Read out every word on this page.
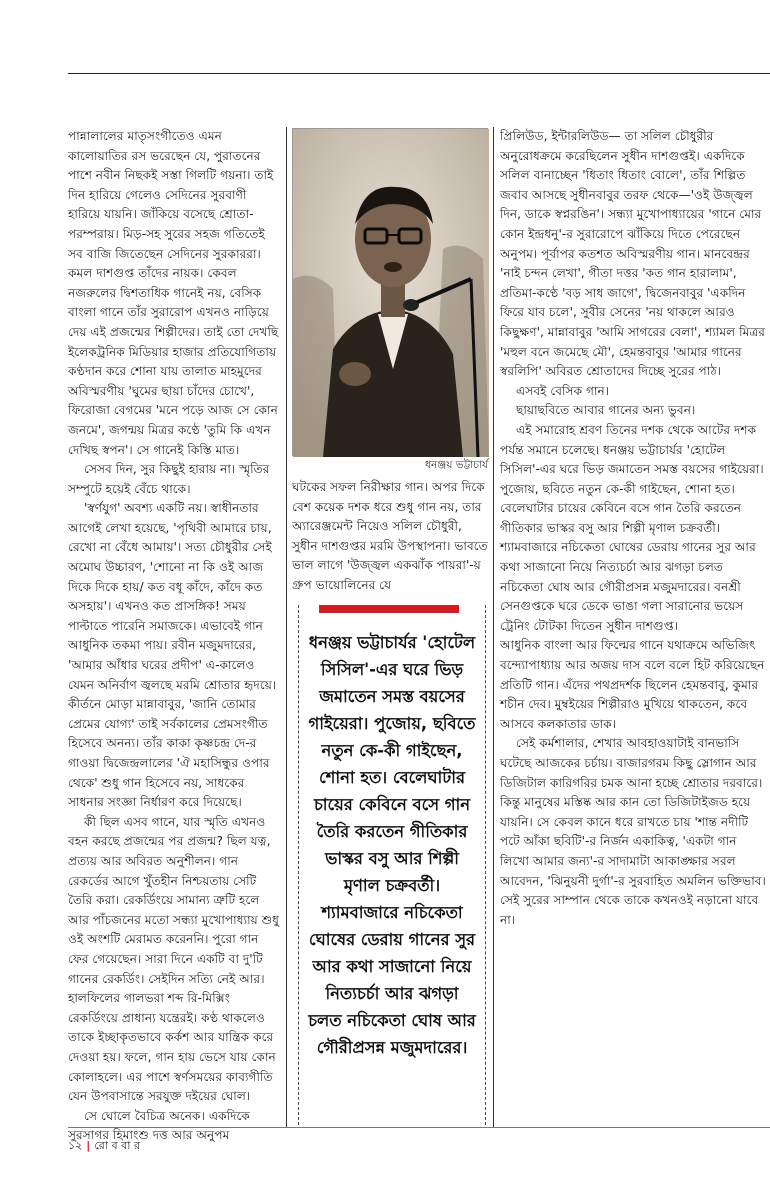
পান্নালালের মাতৃসংগীতেও এমন কালোয়াতির রস ভরেছেন যে, পুরাতনের পাশে নবীন নিছকই সস্তা গিলটি গয়না। তাই দিন হারিয়ে গেলেও সেদিনের সুরবাণী হারিয়ে যায়নি। জাঁকিয়ে বসেছে শ্রোতা-পরম্পরায়। মিড়-সহ সুরের সহজ গতিতেই সব বাজি জিতেছেন সেদিনের সুরকাররা। কমল দাশগুপ্ত তাঁদের নায়ক। কেবল নজরুলের দ্বিশতাধিক গানেই নয়, বেসিক বাংলা গানে তাঁর সুরারোপ এখনও নাড়িয়ে দেয় এই প্রজন্মের শিল্পীদের। তাই তো দেখছি ইলেকট্রনিক মিডিয়ার হাজার প্রতিযোগিতায় কণ্ঠদান করে শোনা যায় তালাত মাহমুদের অবিস্মরণীয় 'ঘুমের ছায়া চাঁদের চোখে', ফিরোজা বেগমের 'মনে পড়ে আজ সে কোন জনমে', জগন্ময় মিত্রর কণ্ঠে 'তুমি কি এখন দেখিছ স্বপন'। সে গানেই কিস্তি মাত।

সেসব দিন, সুর কিছুই হারায় না। স্মৃতির সম্পুটে হয়েই বেঁচে থাকে।

'স্বর্ণযুগ' অবশ্য একটি নয়। স্বাধীনতার আগেই লেখা হয়েছে, 'পৃথিবী আমারে চায়, রেখো না বেঁধে আমায়'। সত্য চৌধুরীর সেই অমোঘ উচ্চারণ, 'শোনো না কি ওই আজ দিকে দিকে হায়/ কত বধূ কাঁদে, কাঁদে কত অসহায়'। এখনও কত প্রাসঙ্গিক! সময় পাল্টাতে পারেনি সমাজকে। এভাবেই গান আধুনিক তকমা পায়। রবীন মজুমদারের, 'আমার আঁধার ঘরের প্রদীপ' এ-কালেও যেমন অনির্বাণ জ্বলছে মরমি শ্রোতার হৃদয়ে। কীর্তনে মোড়া মান্নাবাবুর, 'জানি তোমার প্রেমের যোগ্য' তাই সর্বকালের প্রেমসংগীত হিসেবে অনন্য। তাঁর কাকা কৃষ্ণচন্দ্র দে-র গাওয়া দ্বিজেন্দ্রলালের 'ঐ মহাসিন্ধুর ওপার থেকে' শুধু গান হিসেবে নয়, সাধকের সাধনার সংজ্ঞা নির্ধারণ করে দিয়েছে।

কী ছিল এসব গানে, যার স্মৃতি এখনও বহন করছে প্রজন্মের পর প্রজন্ম? ছিল যত্ন, প্রত্যয় আর অবিরত অনুশীলন। গান রেকর্ডের আগে খুঁতহীন নিশ্চয়তায় সেটি তৈরি করা। রেকর্ডিংয়ে সামান্য ত্রুটি হলে আর পাঁচজনের মতো সন্ধ্যা মুখোপাধ্যায় শুধু ওই অংশটি মেরামত করেননি। পুরো গান ফের গেয়েছেন। সারা দিনে একটি বা দু'টি গানের রেকর্ডিং। সেইদিন সত্যি নেই আর। হালফিলের গালভরা শব্দ রি-মিক্সিং রেকর্ডিংয়ে প্রাধান্য যন্ত্রেরই। কণ্ঠ থাকলেও তাকে ইচ্ছাকৃতভাবে কর্কশ আর যান্ত্রিক করে দেওয়া হয়। ফলে, গান হায় ভেসে যায় কোন কোলাহলে। এর পাশে স্বর্ণসময়ের কাব্যগীতি যেন উপবাসান্তে সরযুক্ত দইয়ের ঘোল।

সে ঘোলে বৈচিত্র অনেক। একদিকে সুরসাগর হিমাংশু দত্ত আর অনুপম

ধনঞ্জয় ভট্টাচার্য

ঘটকের সফল নিরীক্ষার গান। অপর দিকে বেশ কয়েক দশক ধরে শুধু গান নয়, তার অ্যারেঞ্জমেন্ট নিয়েও সলিল চৌধুরী, সুধীন দাশগুপ্তর মরমি উপস্থাপনা। ভাবতে ভাল লাগে 'উজ্জ্বল একঝাঁক পায়রা'-য় গ্রুপ ভায়োলিনের যে

ধনঞ্জয় ভট্টাচার্যর 'হোটেল সিসিল'-এর ঘরে ভিড় জমাতেন সমস্ত বয়সের গাইয়েরা। পুজোয়, ছবিতে নতুন কে-কী গাইছেন, শোনা হত। বেলেঘাটার চায়ের কেবিনে বসে গান তৈরি করতেন গীতিকার ভাস্কর বসু আর শিল্পী মৃণাল চক্রবর্তী। শ্যামবাজারে নচিকেতা ঘোষের ডেরায় গানের সুর আর কথা সাজানো নিয়ে নিত্যচর্চা আর ঝগড়া চলত নচিকেতা ঘোষ আর গৌরীপ্রসন্ন মজুমদারের।

প্রিলিউড, ইন্টারলিউড— তা সলিল চৌধুরীর অনুরোধক্রমে করেছিলেন সুধীন দাশগুপ্তই। একদিকে সলিল বানাচ্ছেন 'ধিতাং ধিতাং বোলে', তাঁর শিল্পিত জবাব আসছে সুধীনবাবুর তরফ থেকে—'ওই উজ্জ্বল দিন, ডাকে স্বপ্নরঙিন'। সন্ধ্যা মুখোপাধ্যায়ের 'গানে মোর কোন ইন্দ্রধনু'-র সুরারোপে ঝাঁকিয়ে দিতে পেরেছেন অনুপম। পূর্বাপর কতশত অবিস্মরণীয় গান। মানবেন্দ্রর 'নাই চন্দন লেখা', গীতা দত্তর 'কত গান হারালাম', প্রতিমা-কণ্ঠে 'বড় সাধ জাগে', দ্বিজেনবাবুর 'একদিন ফিরে যাব চলে', সুবীর সেনের 'নয় থাকলে আরও কিছুক্ষণ', মান্নাবাবুর 'আমি সাগরের বেলা', শ্যামল মিত্রর 'মহুল বনে জমেছে মৌ', হেমন্তবাবুর 'আমার গানের স্বরলিপি' অবিরত শ্রোতাদের দিচ্ছে সুরের পাঠ।

এসবই বেসিক গান।

ছায়াছবিতে আবার গানের অন্য ভুবন।

এই সমারোহ শ্রবণ তিনের দশক থেকে আটের দশক পর্যন্ত সমানে চলেছে। ধনঞ্জয় ভট্টাচার্যর 'হোটেল সিসিল'-এর ঘরে ভিড় জমাতেন সমস্ত বয়সের গাইয়েরা। পুজোয়, ছবিতে নতুন কে-কী গাইছেন, শোনা হত। বেলেঘাটার চায়ের কেবিনে বসে গান তৈরি করতেন গীতিকার ভাস্কর বসু আর শিল্পী মৃণাল চক্রবর্তী। শ্যামবাজারে নচিকেতা ঘোষের ডেরায় গানের সুর আর কথা সাজানো নিয়ে নিত্যচর্চা আর ঝগড়া চলত নচিকেতা ঘোষ আর গৌরীপ্রসন্ন মজুমদারের। বনশ্রী সেনগুপ্তকে ঘরে ডেকে ভাঙা গলা সারানোর ভয়েস ট্রেনিং টোটকা দিতেন সুধীন দাশগুপ্ত।

আধুনিক বাংলা আর ফিল্মের গানে যথাক্রমে অভিজিৎ বন্দ্যোপাধ্যায় আর অজয় দাস বলে বলে হিট করিয়েছেন প্রতিটি গান। এঁদের পথপ্রদর্শক ছিলেন হেমন্তবাবু, কুমার শচীন দেব। মুম্বইয়ের শিল্পীরাও মুখিয়ে থাকতেন, কবে আসবে কলকাতার ডাক।

সেই কর্মশালার, শেখার আবহাওয়াটাই বানভাসি ঘটেছে আজকের চর্চায়। বাজারগরম কিছু স্লোগান আর ডিজিটাল কারিগরির চমক আনা হচ্ছে শ্রোতার দরবারে। কিন্তু মানুষের মস্তিষ্ক আর কান তো ডিজিটাইজড হয়ে যায়নি। সে কেবল কানে ধরে রাখতে চায় 'শান্ত নদীটি পটে আঁকা ছবিটি'-র নির্জন একাকিত্ব, 'একটা গান লিখো আমার জন্য'-র সাদামাটা আকাঙ্ক্ষার সরল আবেদন, 'ঝিনুয়নী দুর্গা'-র সুরবাহিত অমলিন ভক্তিভাব। সেই সুরের সাম্পান থেকে তাকে কখনওই নড়ানো যাবে না।

১২ | রো ব বা র
